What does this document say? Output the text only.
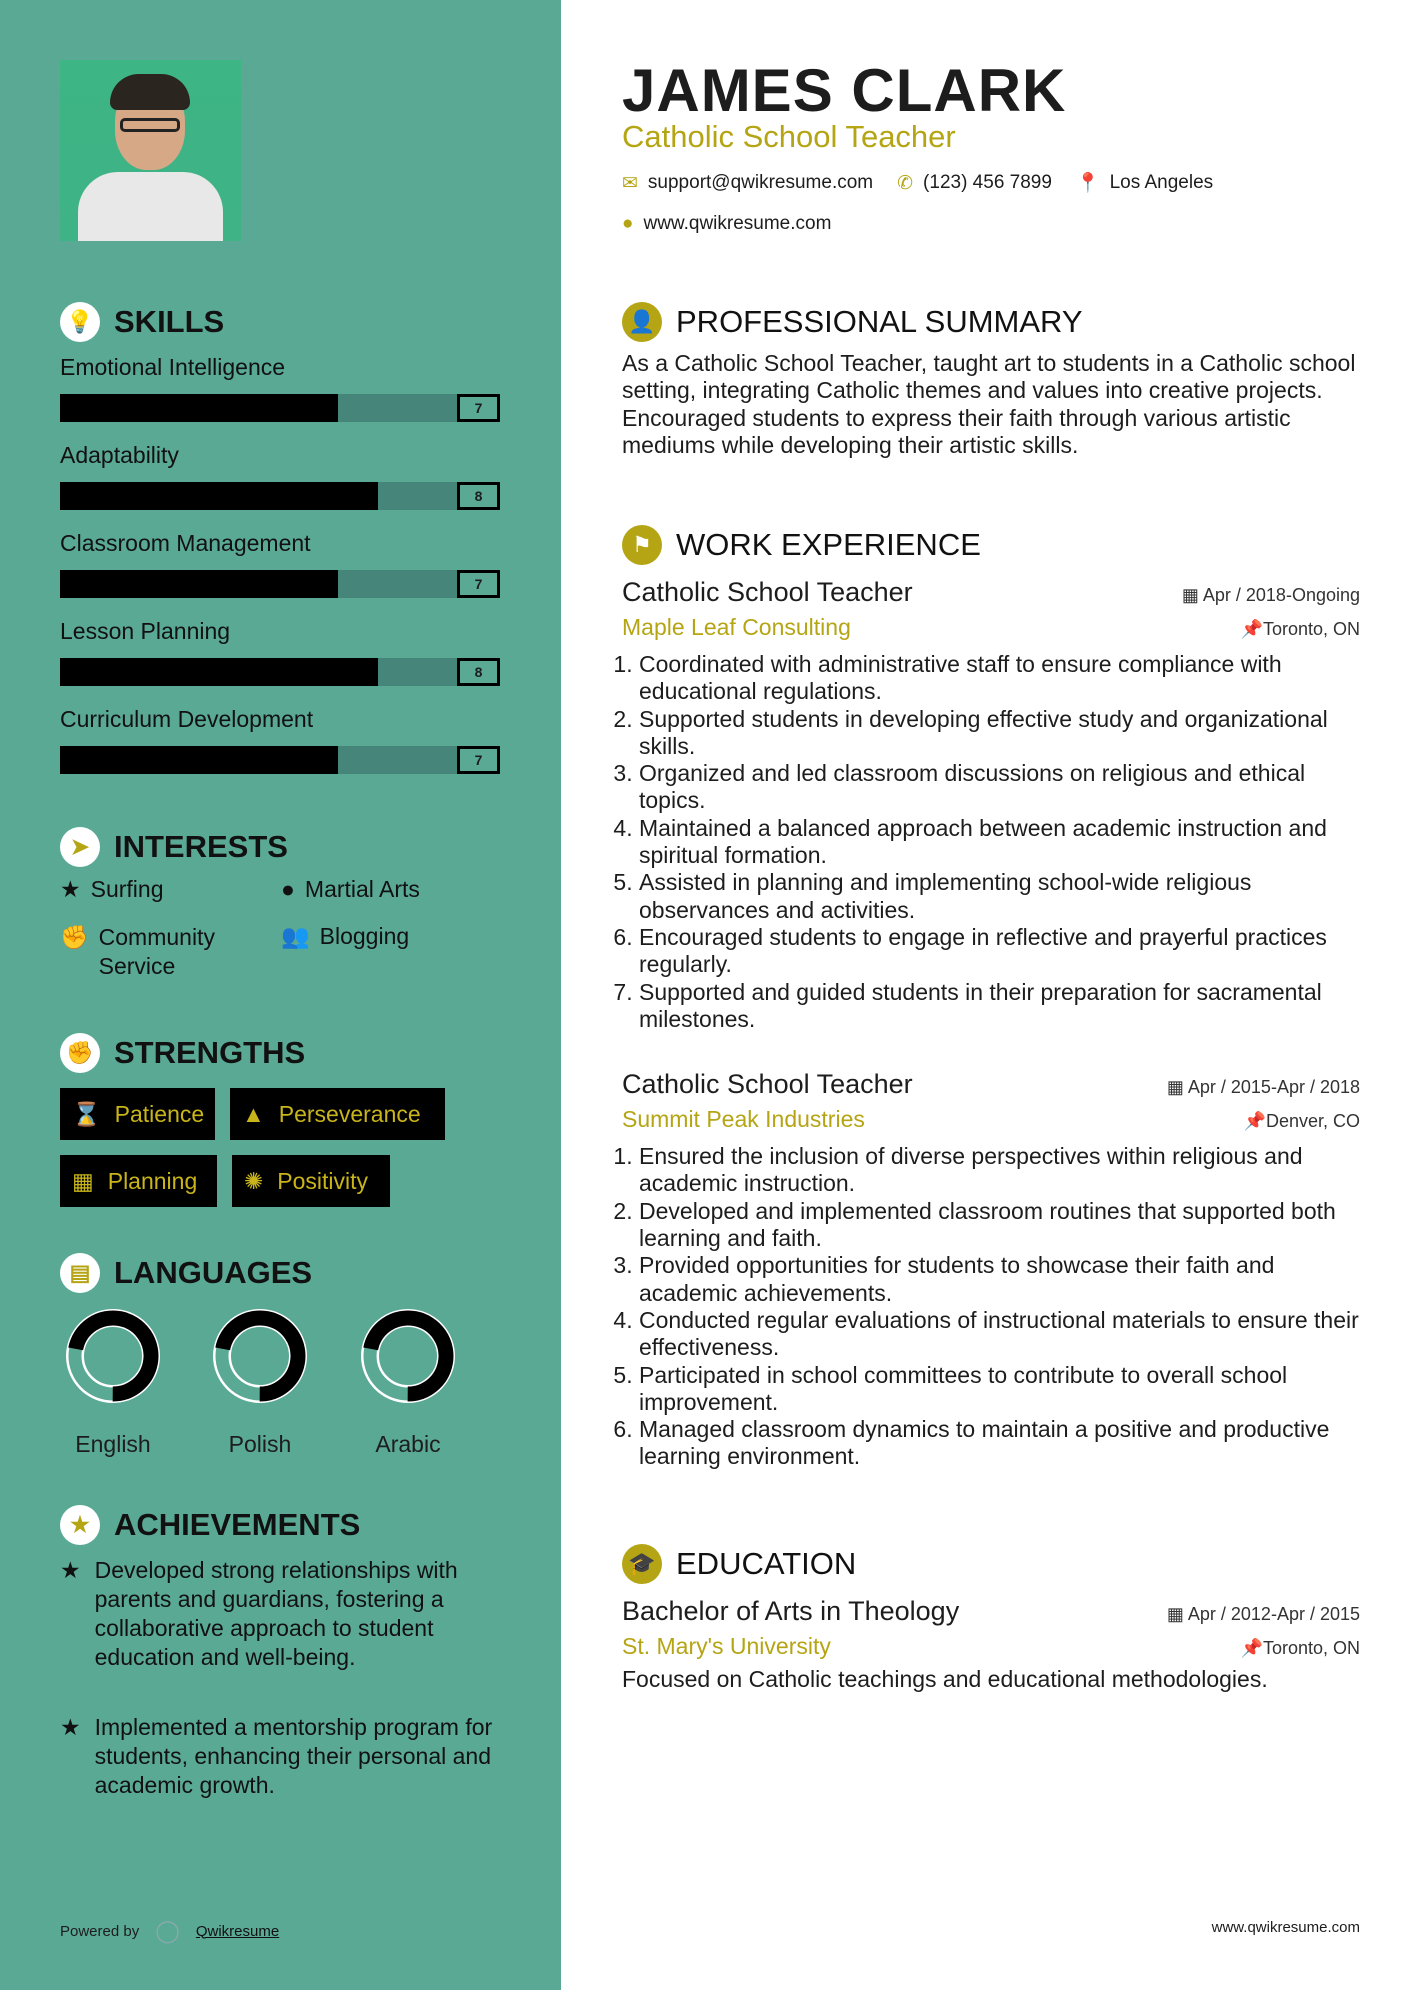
💡 SKILLS
Emotional Intelligence
7
Adaptability
8
Classroom Management
7
Lesson Planning
8
Curriculum Development
7
➤ INTERESTS
★ Surfing	● Martial Arts
✊ Community Service
👥 Blogging
✊ STRENGTHS
⌛ Patience ▲ Perseverance
▦ Planning ✺ Positivity
▤ LANGUAGES
English	Polish	Arabic
★ ACHIEVEMENTS
★ Developed strong relationships with parents and guardians, fostering a collaborative approach to student education and well-being.
★ Implemented a mentorship program for students, enhancing their personal and academic growth.
Powered by ◯ Qwikresume
JAMES CLARK
Catholic School Teacher
✉ support@qwikresume.com ✆ (123) 456 7899 📍 Los Angeles
● www.qwikresume.com
👤 PROFESSIONAL SUMMARY

As a Catholic School Teacher, taught art to students in a Catholic school setting, integrating Catholic themes and values into creative projects. Encouraged students to express their faith through various artistic mediums while developing their artistic skills.

⚑ WORK EXPERIENCE
Catholic School Teacher	▦ Apr / 2018-Ongoing
Maple Leaf Consulting	📌Toronto, ON
1. Coordinated with administrative staff to ensure compliance with educational regulations.
2. Supported students in developing effective study and organizational skills.
3. Organized and led classroom discussions on religious and ethical topics.
4. Maintained a balanced approach between academic instruction and spiritual formation.
5. Assisted in planning and implementing school-wide religious observances and activities.
6. Encouraged students to engage in reflective and prayerful practices regularly.
7. Supported and guided students in their preparation for sacramental milestones.
Catholic School Teacher	▦ Apr / 2015-Apr / 2018
Summit Peak Industries	📌Denver, CO
1. Ensured the inclusion of diverse perspectives within religious and academic instruction.
2. Developed and implemented classroom routines that supported both learning and faith.
3. Provided opportunities for students to showcase their faith and academic achievements.
4. Conducted regular evaluations of instructional materials to ensure their effectiveness.
5. Participated in school committees to contribute to overall school improvement.
6. Managed classroom dynamics to maintain a positive and productive learning environment.
🎓 EDUCATION
Bachelor of Arts in Theology	▦ Apr / 2012-Apr / 2015
St. Mary's University	📌Toronto, ON

Focused on Catholic teachings and educational methodologies.

www.qwikresume.com
